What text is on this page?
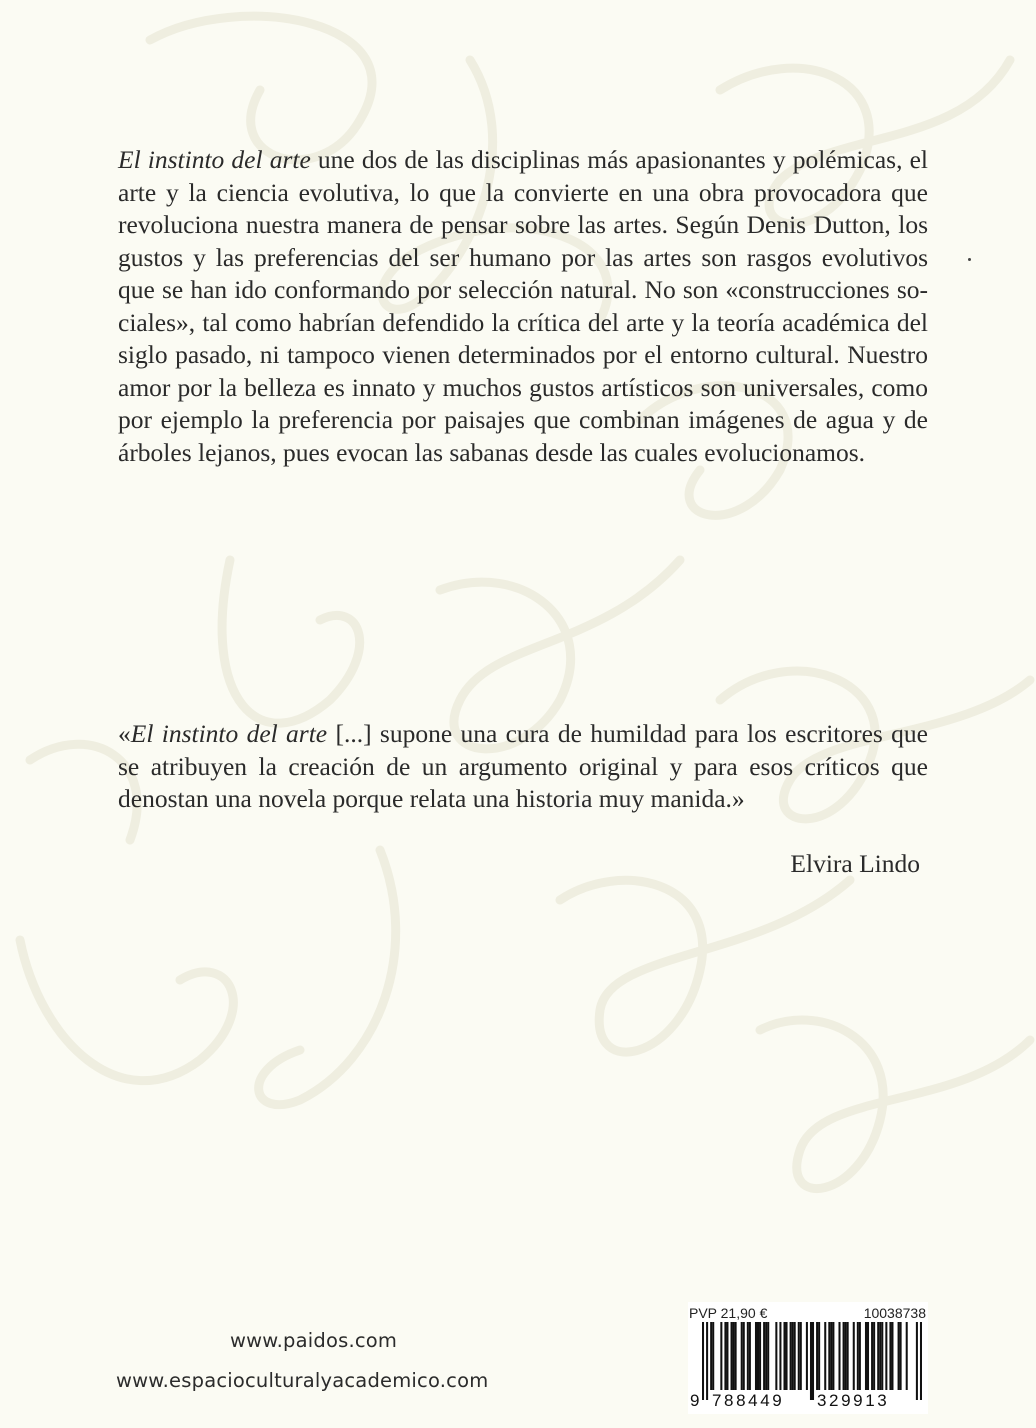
El instinto del arte une dos de las disciplinas más apasionantes y polémicas, el arte y la ciencia evolutiva, lo que la convierte en una obra provocadora que revoluciona nuestra manera de pensar sobre las artes. Según Denis Dutton, los gustos y las preferencias del ser humano por las artes son rasgos evolutivos que se han ido conformando por selección natural. No son «construcciones sociales», tal como habrían defendido la crítica del arte y la teoría académica del siglo pasado, ni tampoco vienen determinados por el entorno cultural. Nuestro amor por la belleza es innato y muchos gustos artísticos son universales, como por ejemplo la preferencia por paisajes que combinan imágenes de agua y de árboles lejanos, pues evocan las sabanas desde las cuales evolucionamos.

«El instinto del arte [...] supone una cura de humildad para los escritores que se atribuyen la creación de un argumento original y para esos críticos que denostan una novela porque relata una historia muy manida.»

Elvira Lindo
www.paidos.com
www.espacioculturalyacademico.com
PVP 21,90 €	10038738
9 788449 329913
